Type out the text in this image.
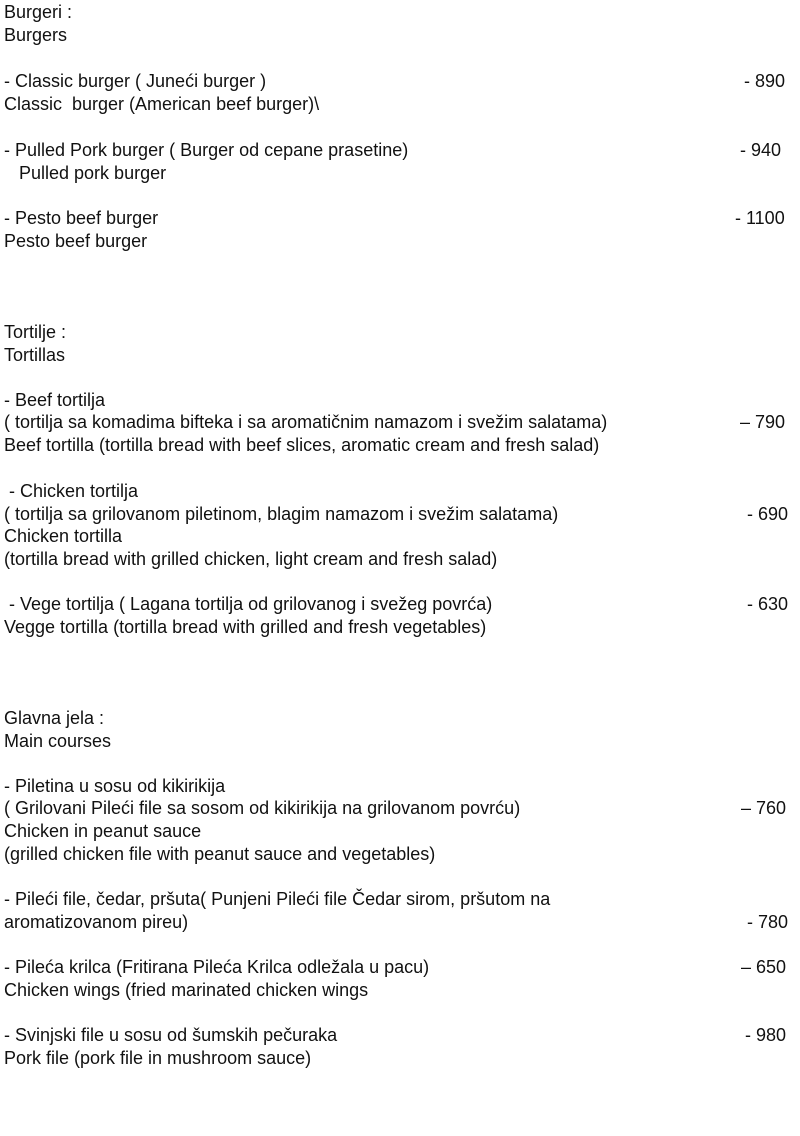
Burgeri :
Burgers
- Classic burger ( Juneći burger )	- 890
Classic  burger (American beef burger)\
- Pulled Pork burger ( Burger od cepane prasetine)	- 940
Pulled pork burger
- Pesto beef burger	- 1100
Pesto beef burger
Tortilje :
Tortillas
- Beef tortilja
( tortilja sa komadima bifteka i sa aromatičnim namazom i svežim salatama)	– 790
Beef tortilla (tortilla bread with beef slices, aromatic cream and fresh salad)
- Chicken tortilja
( tortilja sa grilovanom piletinom, blagim namazom i svežim salatama)	- 690
Chicken tortilla
(tortilla bread with grilled chicken, light cream and fresh salad)
- Vege tortilja ( Lagana tortilja od grilovanog i svežeg povrća)	- 630
Vegge tortilla (tortilla bread with grilled and fresh vegetables)
Glavna jela :
Main courses
- Piletina u sosu od kikirikija
( Grilovani Pileći file sa sosom od kikirikija na grilovanom povrću)	– 760
Chicken in peanut sauce
(grilled chicken file with peanut sauce and vegetables)
- Pileći file, čedar, pršuta( Punjeni Pileći file Čedar sirom, pršutom na
aromatizovanom pireu)	- 780
- Pileća krilca (Fritirana Pileća Krilca odležala u pacu)	– 650
Chicken wings (fried marinated chicken wings
- Svinjski file u sosu od šumskih pečuraka	- 980
Pork file (pork file in mushroom sauce)
